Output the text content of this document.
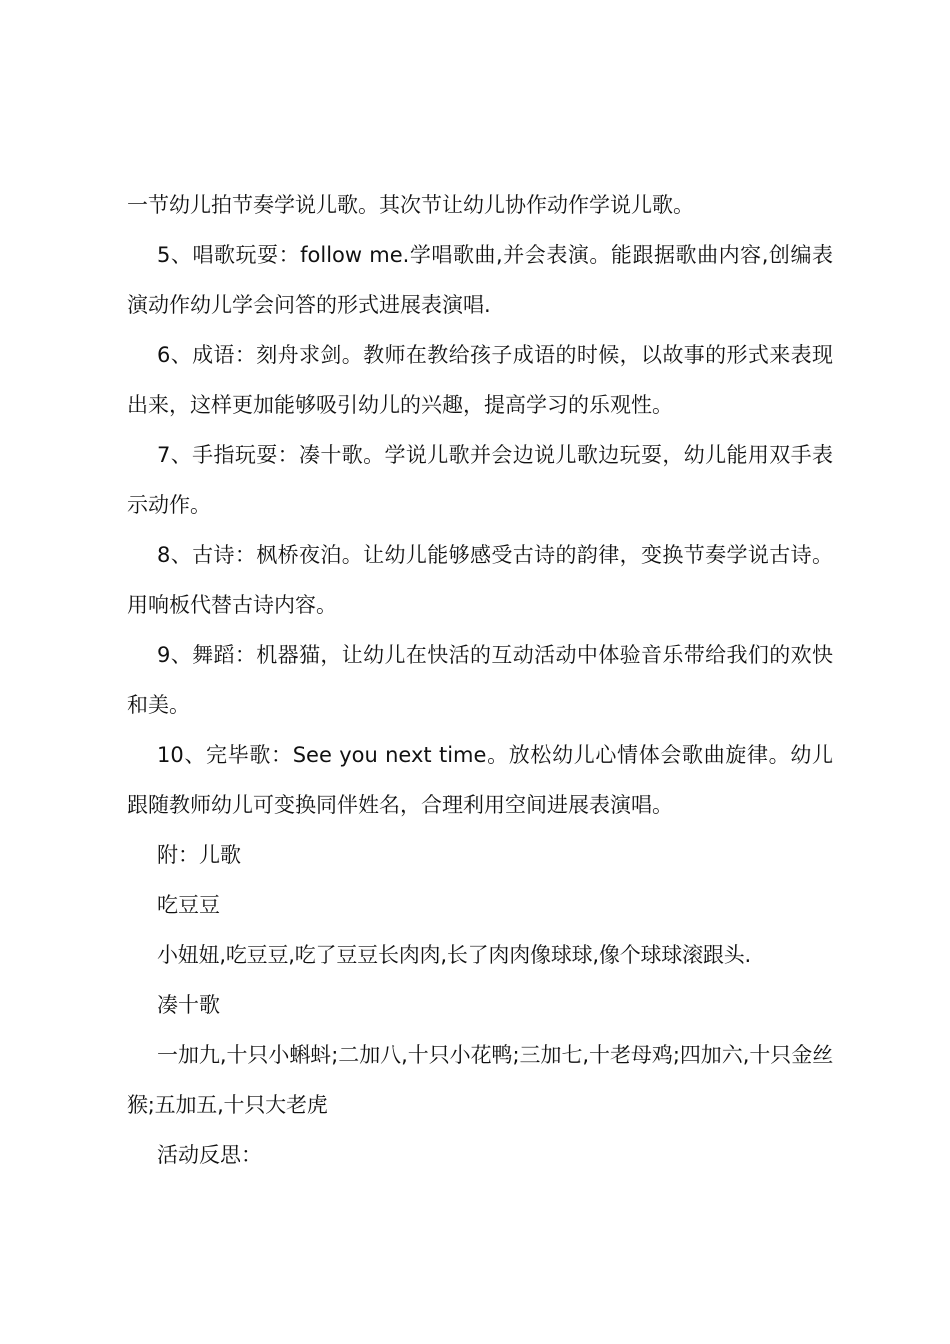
一节幼儿拍节奏学说儿歌。其次节让幼儿协作动作学说儿歌。

5、唱歌玩耍：follow me.学唱歌曲,并会表演。能跟据歌曲内容,创编表演动作幼儿学会问答的形式进展表演唱.

6、成语：刻舟求剑。教师在教给孩子成语的时候，以故事的形式来表现出来，这样更加能够吸引幼儿的兴趣，提高学习的乐观性。

7、手指玩耍：凑十歌。学说儿歌并会边说儿歌边玩耍，幼儿能用双手表示动作。

8、古诗：枫桥夜泊。让幼儿能够感受古诗的韵律，变换节奏学说古诗。用响板代替古诗内容。

9、舞蹈：机器猫，让幼儿在快活的互动活动中体验音乐带给我们的欢快和美。

10、完毕歌：See you next time。放松幼儿心情体会歌曲旋律。幼儿跟随教师幼儿可变换同伴姓名，合理利用空间进展表演唱。

附：儿歌

吃豆豆

小妞妞,吃豆豆,吃了豆豆长肉肉,长了肉肉像球球,像个球球滚跟头.

凑十歌

一加九,十只小蝌蚪;二加八,十只小花鸭;三加七,十老母鸡;四加六,十只金丝猴;五加五,十只大老虎

活动反思：
